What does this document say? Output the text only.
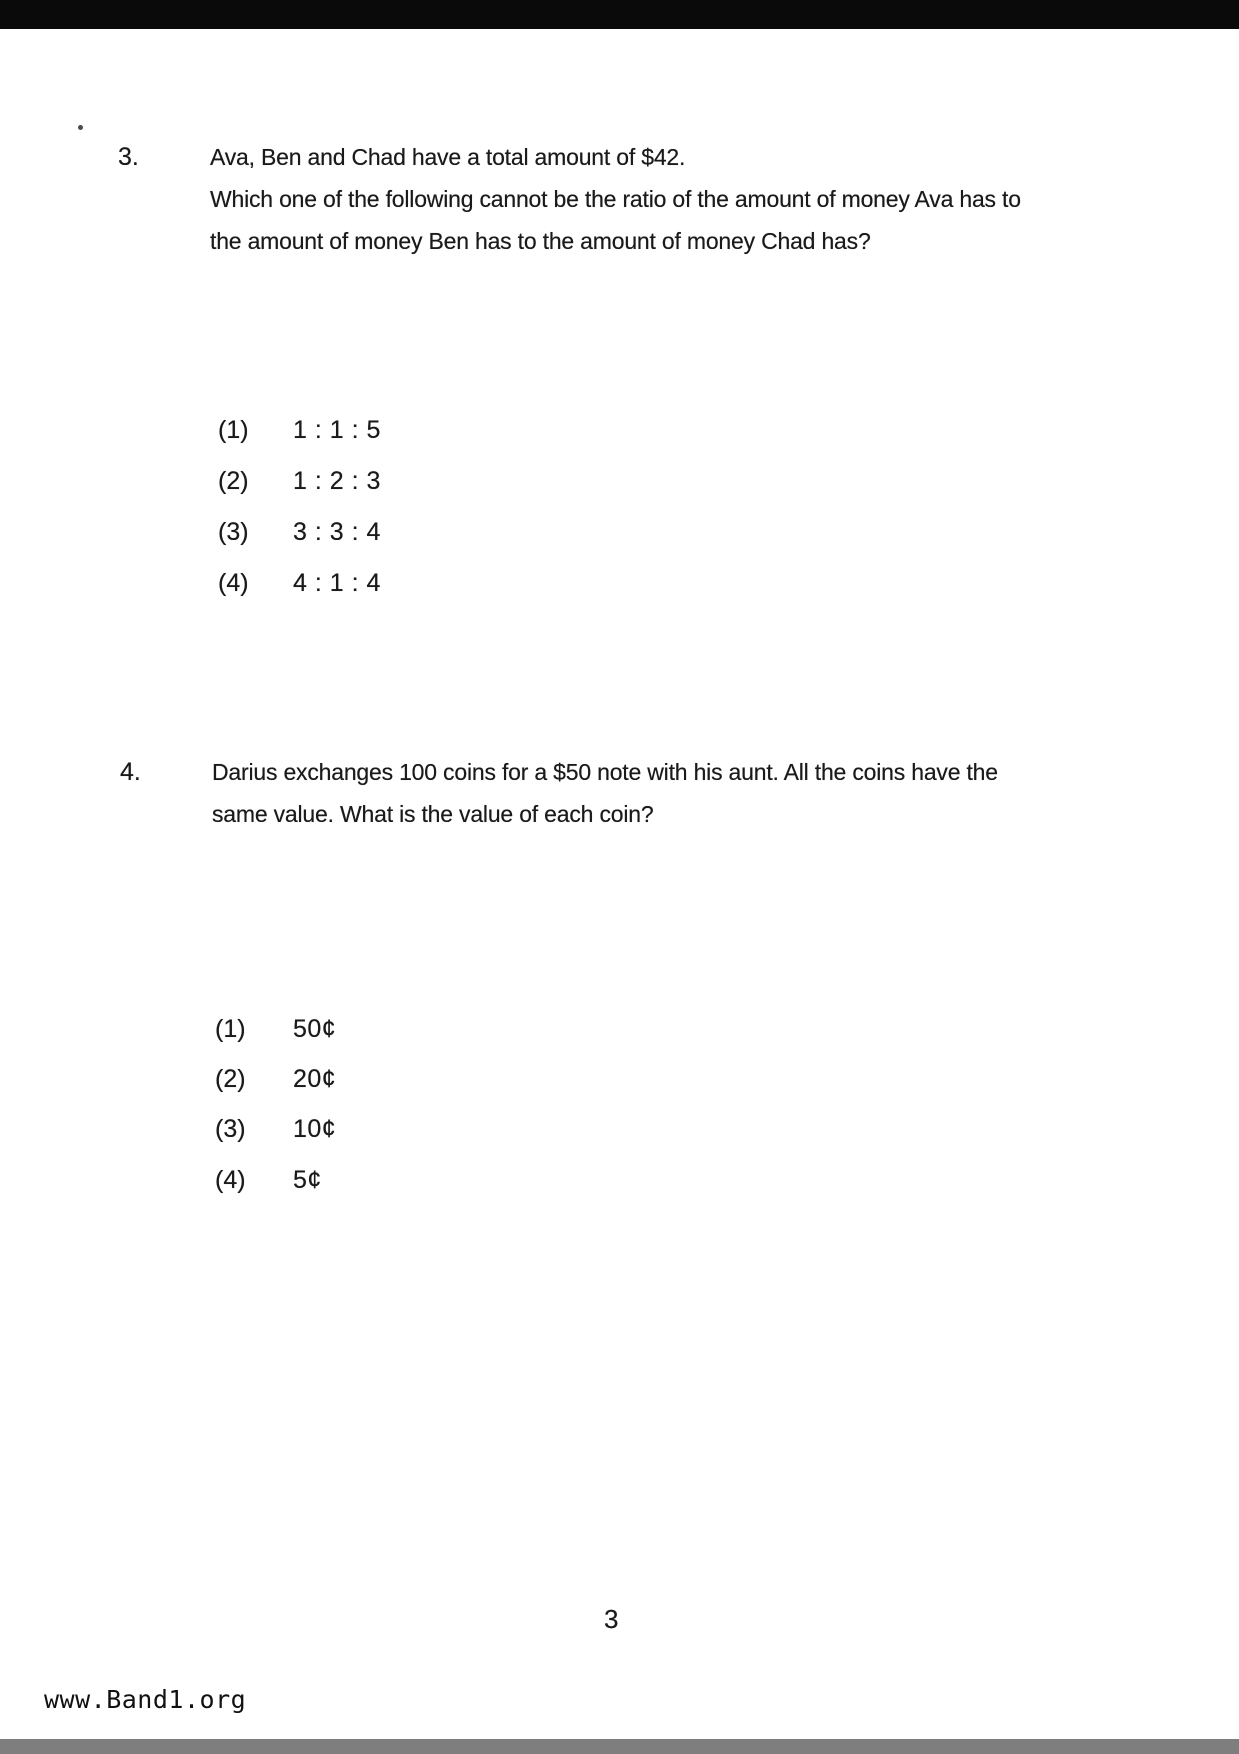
3.	Ava, Ben and Chad have a total amount of $42.
Which one of the following cannot be the ratio of the amount of money Ava has to
the amount of money Ben has to the amount of money Chad has?
(1) 1 : 1 : 5
(2) 1 : 2 : 3
(3) 3 : 3 : 4
(4) 4 : 1 : 4
4.	Darius exchanges 100 coins for a $50 note with his aunt. All the coins have the
same value. What is the value of each coin?
(1) 50¢
(2) 20¢
(3) 10¢
(4) 5¢
3
www.Band1.org
